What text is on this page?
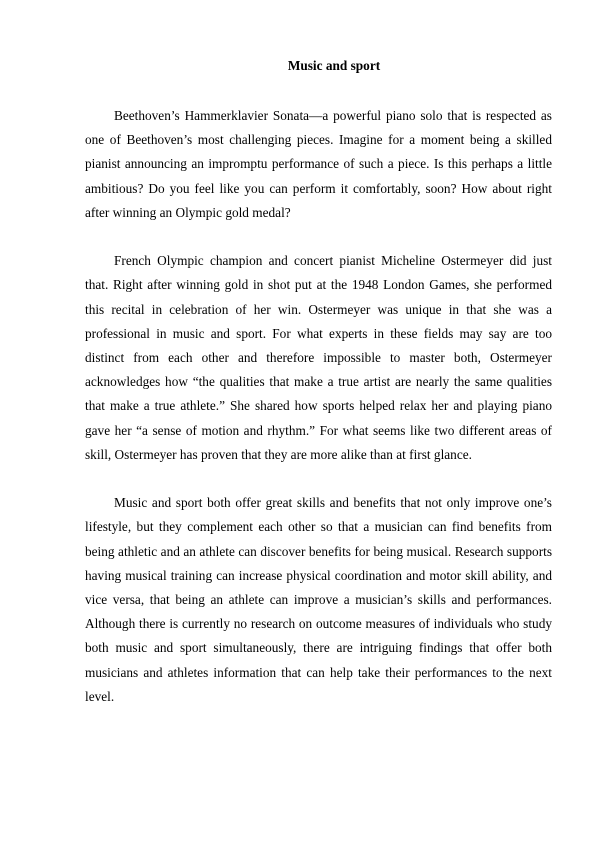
Music and sport

Beethoven’s Hammerklavier Sonata—a powerful piano solo that is respected as one of Beethoven’s most challenging pieces. Imagine for a moment being a skilled pianist announcing an impromptu performance of such a piece. Is this perhaps a little ambitious? Do you feel like you can perform it comfortably, soon? How about right after winning an Olympic gold medal?

French Olympic champion and concert pianist Micheline Ostermeyer did just that. Right after winning gold in shot put at the 1948 London Games, she performed this recital in celebration of her win. Ostermeyer was unique in that she was a professional in music and sport. For what experts in these fields may say are too distinct from each other and therefore impossible to master both, Ostermeyer acknowledges how “the qualities that make a true artist are nearly the same qualities that make a true athlete.” She shared how sports helped relax her and playing piano gave her “a sense of motion and rhythm.” For what seems like two different areas of skill, Ostermeyer has proven that they are more alike than at first glance.

Music and sport both offer great skills and benefits that not only improve one’s lifestyle, but they complement each other so that a musician can find benefits from being athletic and an athlete can discover benefits for being musical. Research supports having musical training can increase physical coordination and motor skill ability, and vice versa, that being an athlete can improve a musician’s skills and performances. Although there is currently no research on outcome measures of individuals who study both music and sport simultaneously, there are intriguing findings that offer both musicians and athletes information that can help take their performances to the next level.
